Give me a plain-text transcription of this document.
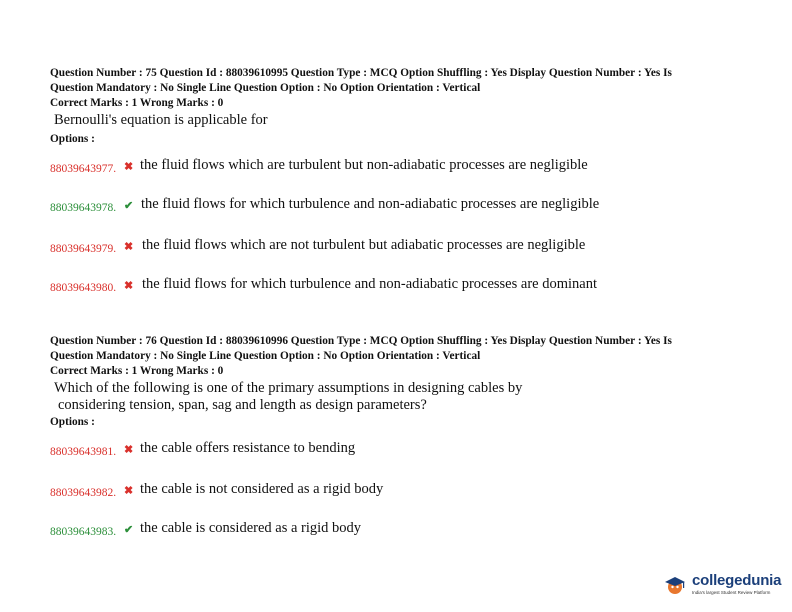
Question Number : 75 Question Id : 88039610995 Question Type : MCQ Option Shuffling : Yes Display Question Number : Yes Is
Question Mandatory : No Single Line Question Option : No Option Orientation : Vertical
Correct Marks : 1 Wrong Marks : 0
Bernoulli's equation is applicable for
Options :
88039643977. ✖ the fluid flows which are turbulent but non-adiabatic processes are negligible
88039643978. ✔ the fluid flows for which turbulence and non-adiabatic processes are negligible
88039643979. ✖ the fluid flows which are not turbulent but adiabatic processes are negligible
88039643980. ✖ the fluid flows for which turbulence and non-adiabatic processes are dominant
Question Number : 76 Question Id : 88039610996 Question Type : MCQ Option Shuffling : Yes Display Question Number : Yes Is
Question Mandatory : No Single Line Question Option : No Option Orientation : Vertical
Correct Marks : 1 Wrong Marks : 0
Which of the following is one of the primary assumptions in designing cables by
considering tension, span, sag and length as design parameters?
Options :
88039643981. ✖ the cable offers resistance to bending
88039643982. ✖ the cable is not considered as a rigid body
88039643983. ✔ the cable is considered as a rigid body
collegedunia
India's largest Student Review Platform
